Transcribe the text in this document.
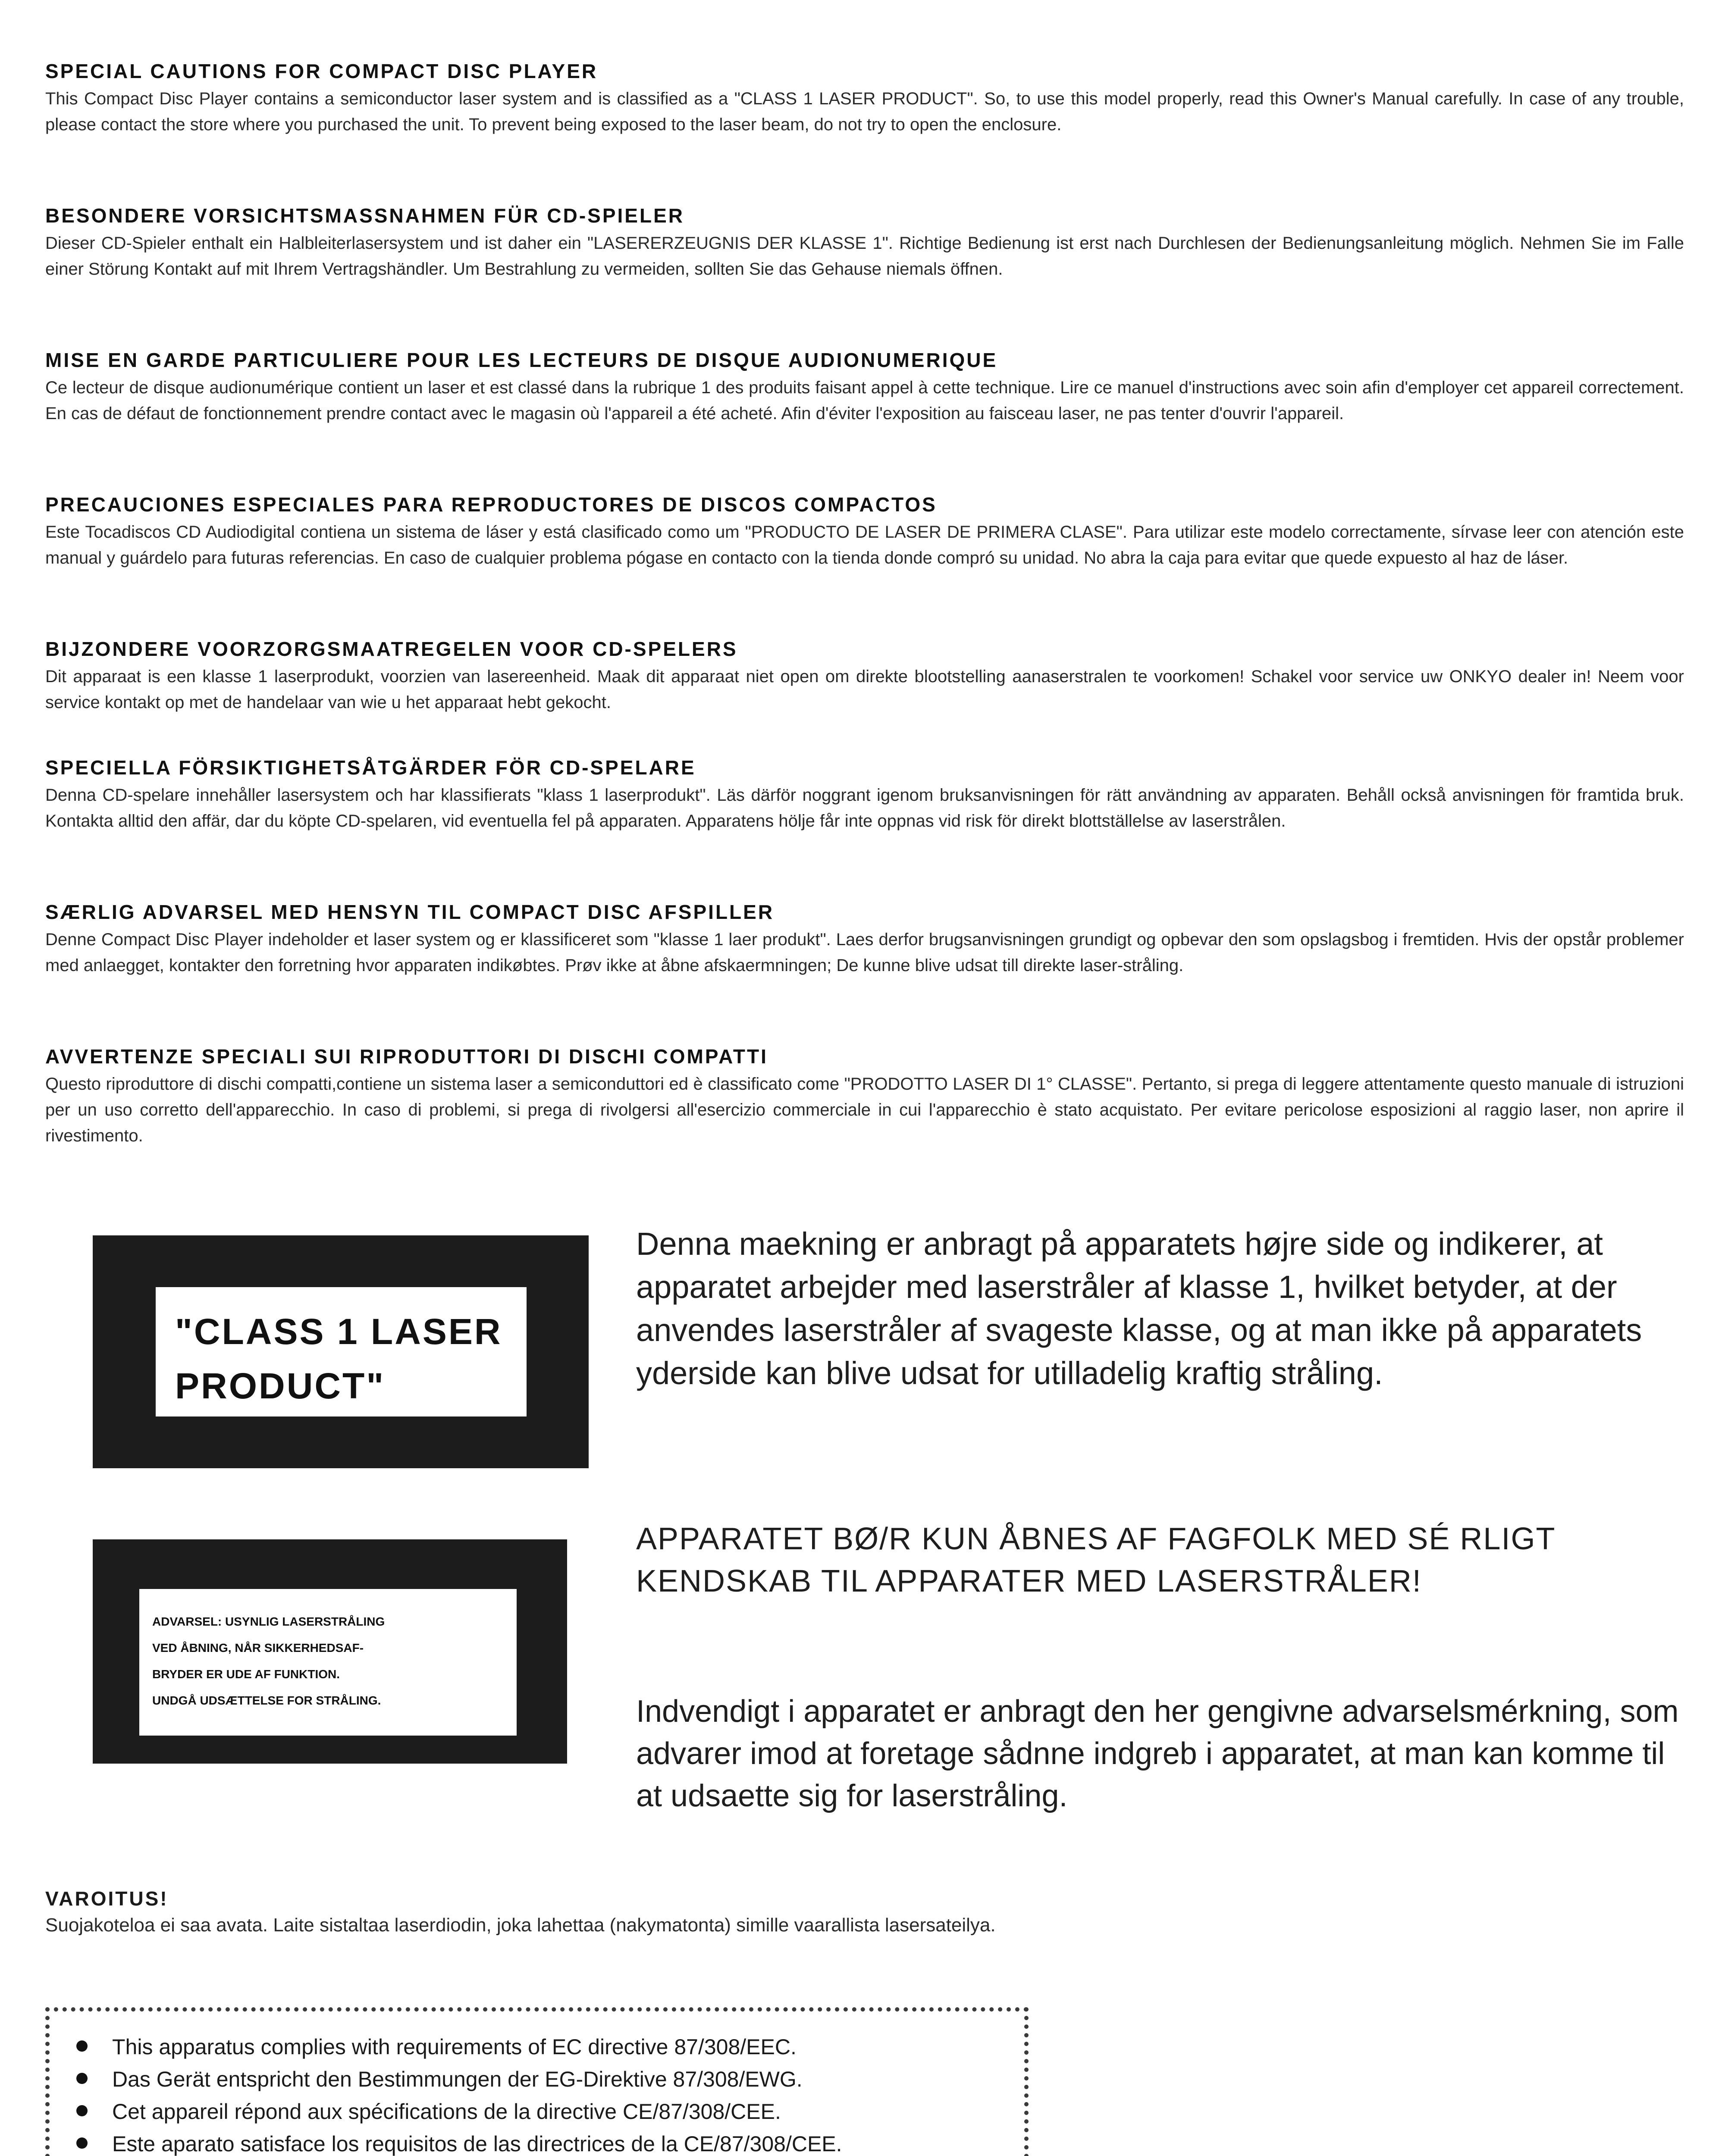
SPECIAL CAUTIONS FOR COMPACT DISC PLAYER

This Compact Disc Player contains a semiconductor laser system and is classified as a "CLASS 1 LASER PRODUCT". So, to use this model properly, read this Owner's Manual carefully. In case of any trouble, please contact the store where you purchased the unit. To prevent being exposed to the laser beam, do not try to open the enclosure.

BESONDERE VORSICHTSMASSNAHMEN FÜR CD-SPIELER

Dieser CD-Spieler enthalt ein Halbleiterlasersystem und ist daher ein "LASERERZEUGNIS DER KLASSE 1". Richtige Bedienung ist erst nach Durchlesen der Bedienungsanleitung möglich. Nehmen Sie im Falle einer Störung Kontakt auf mit Ihrem Vertragshändler. Um Bestrahlung zu vermeiden, sollten Sie das Gehause niemals öffnen.

MISE EN GARDE PARTICULIERE POUR LES LECTEURS DE DISQUE AUDIONUMERIQUE

Ce lecteur de disque audionumérique contient un laser et est classé dans la rubrique 1 des produits faisant appel à cette technique. Lire ce manuel d'instructions avec soin afin d'employer cet appareil correctement. En cas de défaut de fonctionnement prendre contact avec le magasin où l'appareil a été acheté. Afin d'éviter l'exposition au faisceau laser, ne pas tenter d'ouvrir l'appareil.

PRECAUCIONES ESPECIALES PARA REPRODUCTORES DE DISCOS COMPACTOS

Este Tocadiscos CD Audiodigital contiena un sistema de láser y está clasificado como um "PRODUCTO DE LASER DE PRIMERA CLASE". Para utilizar este modelo correctamente, sírvase leer con atención este manual y guárdelo para futuras referencias. En caso de cualquier problema pógase en contacto con la tienda donde compró su unidad. No abra la caja para evitar que quede expuesto al haz de láser.

BIJZONDERE VOORZORGSMAATREGELEN VOOR CD-SPELERS

Dit apparaat is een klasse 1 laserprodukt, voorzien van lasereenheid. Maak dit apparaat niet open om direkte blootstelling aanaserstralen te voorkomen! Schakel voor service uw ONKYO dealer in! Neem voor service kontakt op met de handelaar van wie u het apparaat hebt gekocht.

SPECIELLA FÖRSIKTIGHETSÅTGÄRDER FÖR CD-SPELARE

Denna CD-spelare innehåller lasersystem och har klassifierats "klass 1 laserprodukt". Läs därför noggrant igenom bruksanvisningen för rätt användning av apparaten. Behåll också anvisningen för framtida bruk. Kontakta alltid den affär, dar du köpte CD-spelaren, vid eventuella fel på apparaten. Apparatens hölje får inte oppnas vid risk för direkt blottställelse av laserstrålen.

SÆRLIG ADVARSEL MED HENSYN TIL COMPACT DISC AFSPILLER

Denne Compact Disc Player indeholder et laser system og er klassificeret som "klasse 1 laer produkt". Laes derfor brugsanvisningen grundigt og opbevar den som opslagsbog i fremtiden. Hvis der opstår problemer med anlaegget, kontakter den forretning hvor apparaten indikøbtes. Prøv ikke at åbne afskaermningen; De kunne blive udsat till direkte laser-stråling.

AVVERTENZE SPECIALI SUI RIPRODUTTORI DI DISCHI COMPATTI

Questo riproduttore di dischi compatti,contiene un sistema laser a semiconduttori ed è classificato come "PRODOTTO LASER DI 1° CLASSE". Pertanto, si prega di leggere attentamente questo manuale di istruzioni per un uso corretto dell'apparecchio. In caso di problemi, si prega di rivolgersi all'esercizio commerciale in cui l'apparecchio è stato acquistato. Per evitare pericolose esposizioni al raggio laser, non aprire il rivestimento.

"CLASS 1 LASER
PRODUCT"
Denna maekning er anbragt på apparatets højre side og indikerer, at apparatet arbejder med laserstråler af klasse 1, hvilket betyder, at der anvendes laserstråler af svageste klasse, og at man ikke på apparatets yderside kan blive udsat for utilladelig kraftig stråling.
ADVARSEL: USYNLIG LASERSTRÅLING
VED ÅBNING, NÅR SIKKERHEDSAF-
BRYDER ER UDE AF FUNKTION.
UNDGÅ UDSÆTTELSE FOR STRÅLING.
APPARATET BØ/R KUN ÅBNES AF FAGFOLK MED SÉ RLIGT KENDSKAB TIL APPARATER MED LASERSTRÅLER!
Indvendigt i apparatet er anbragt den her gengivne advarselsmérkning, som advarer imod at foretage sådnne indgreb i apparatet, at man kan komme til at udsaette sig for laserstråling.
VAROITUS!

Suojakoteloa ei saa avata. Laite sistaltaa laserdiodin, joka lahettaa (nakymatonta) simille vaarallista lasersateilya.

This apparatus complies with requirements of EC directive 87/308/EEC.
Das Gerät entspricht den Bestimmungen der EG-Direktive 87/308/EWG.
Cet appareil répond aux spécifications de la directive CE/87/308/CEE.
Este aparato satisface los requisitos de las directrices de la CE/87/308/CEE.
